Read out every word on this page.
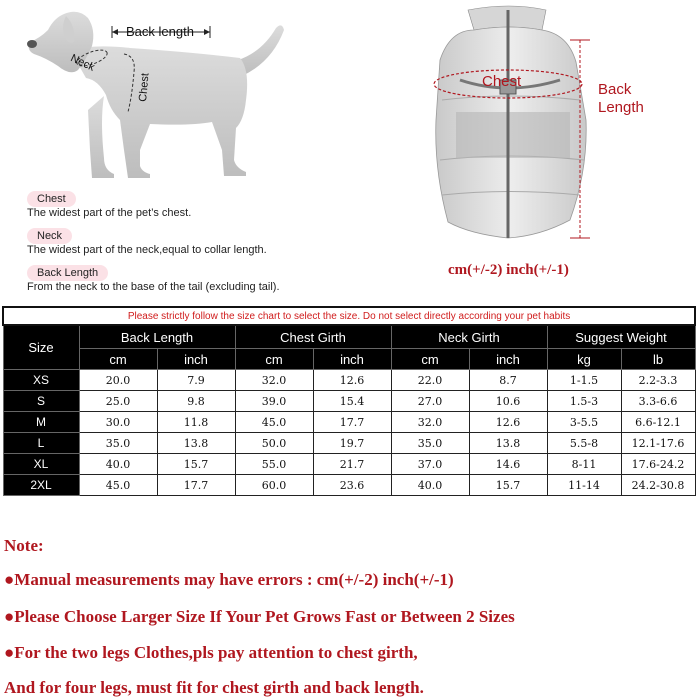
Back length
Neck
Chest
Chest
The widest part of the pet’s chest.
Neck
The widest part of the neck,equal to collar length.
Back Length
From the neck to the base of the tail (excluding tail).
Chest	Back
Length
cm(+/-2) inch(+/-1)
Please strictly follow the size chart to select the size. Do not select directly according your pet habits								
Size	Back Length		Chest Girth		Neck Girth		Suggest Weight	
	cm	inch	cm	inch	cm	inch	kg	lb
XS	20.0	7.9	32.0	12.6	22.0	8.7	1-1.5	2.2-3.3
S	25.0	9.8	39.0	15.4	27.0	10.6	1.5-3	3.3-6.6
M	30.0	11.8	45.0	17.7	32.0	12.6	3-5.5	6.6-12.1
L	35.0	13.8	50.0	19.7	35.0	13.8	5.5-8	12.1-17.6
XL	40.0	15.7	55.0	21.7	37.0	14.6	8-11	17.6-24.2
2XL	45.0	17.7	60.0	23.6	40.0	15.7	11-14	24.2-30.8
Note:
●Manual measurements may have errors : cm(+/-2) inch(+/-1)
●Please Choose Larger Size If Your Pet Grows Fast or Between 2 Sizes
●For the two legs Clothes,pls pay attention to chest girth,
And for four legs, must fit for chest girth and back length.
